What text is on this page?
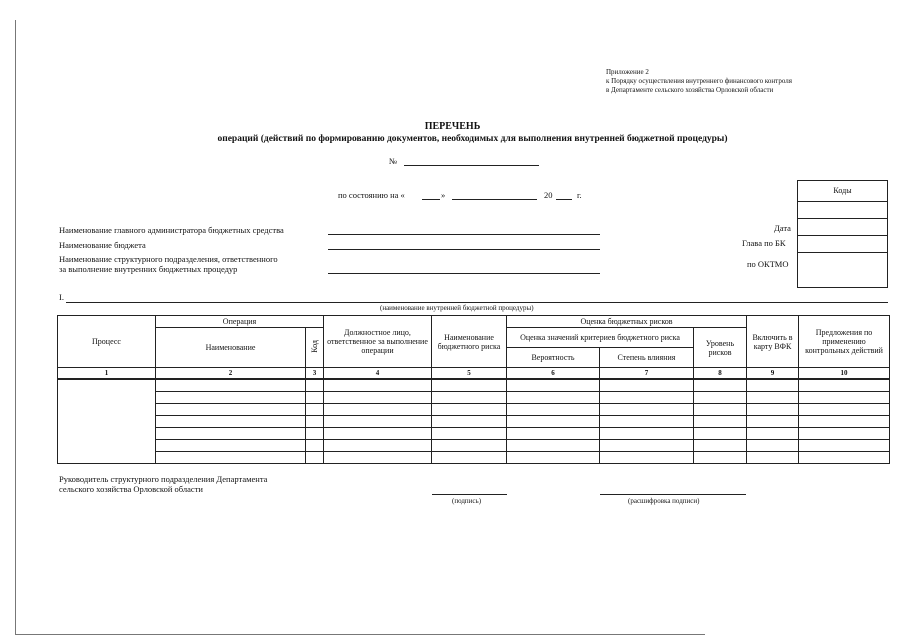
Приложение 2
к Порядку осуществления внутреннего финансового контроля
в Департаменте сельского хозяйства Орловской области
ПЕРЕЧЕНЬ
операций (действий по формированию документов, необходимых для выполнения внутренней бюджетной процедуры)
№
по состоянию на «	»	20	г.	Коды
Дата
Глава по БК
по ОКТМО
Наименование главного администратора бюджетных средства
Наименование бюджета
Наименование структурного подразделения, ответственного
за выполнение внутренних бюджетных процедур
I.
(наименование внутренней бюджетной процедуры)
Процесс	Операция		Должностное лицо, ответственное за выполнение операции	Наименование бюджетного риска	Оценка бюджетных рисков			Включить в карту ВФК	Предложения по применению контрольных действий
	Наименование	Код			Оценка значений критериев бюджетного риска		Уровень рисков		
					Вероятность	Степень влияния			
1	2	3	4	5	6	7	8	9	10

Руководитель структурного подразделения Департамента
сельского хозяйства Орловской области
(подпись)	(расшифровка подписи)
